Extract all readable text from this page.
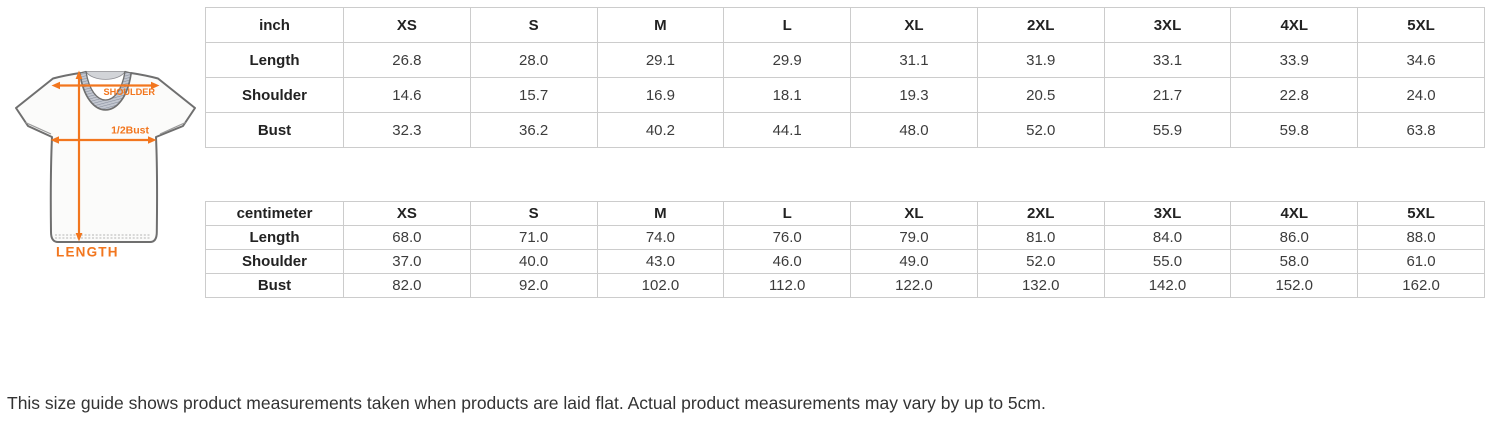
SHOULDER
1/2Bust
LENGTH
inch	XS	S	M	L	XL	2XL	3XL	4XL	5XL
Length	26.8	28.0	29.1	29.9	31.1	31.9	33.1	33.9	34.6
Shoulder	14.6	15.7	16.9	18.1	19.3	20.5	21.7	22.8	24.0
Bust	32.3	36.2	40.2	44.1	48.0	52.0	55.9	59.8	63.8
centimeter	XS	S	M	L	XL	2XL	3XL	4XL	5XL
Length	68.0	71.0	74.0	76.0	79.0	81.0	84.0	86.0	88.0
Shoulder	37.0	40.0	43.0	46.0	49.0	52.0	55.0	58.0	61.0
Bust	82.0	92.0	102.0	112.0	122.0	132.0	142.0	152.0	162.0
This size guide shows product measurements taken when products are laid flat. Actual product measurements may vary by up to 5cm.
